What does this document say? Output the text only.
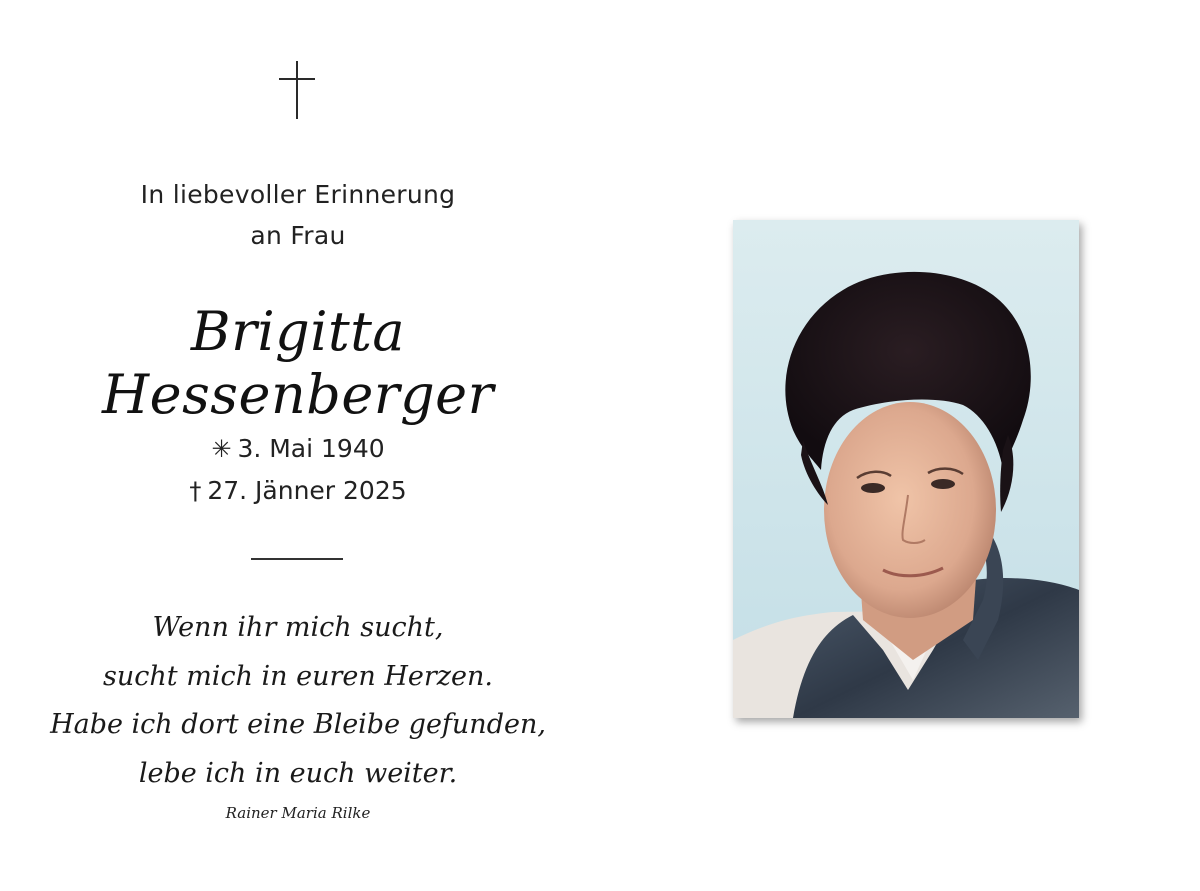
In liebevoller Erinnerung
an Frau
Brigitta Hessenberger
✳ 3. Mai 1940
† 27. Jänner 2025
Wenn ihr mich sucht,
sucht mich in euren Herzen.
Habe ich dort eine Bleibe gefunden,
lebe ich in euch weiter.
Rainer Maria Rilke
